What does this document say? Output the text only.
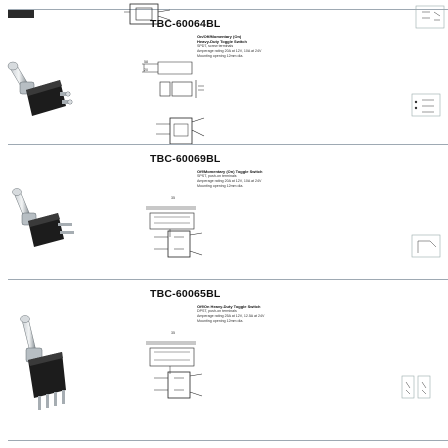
TBC-60064BL
On/Off/Momentary (On)
Heavy-Duty Toggle Switch
SPDT, screw terminals
Amperage rating 20A at 12V, 10A at 24V
Mounting opening 12mm dia.
58
20
TBC-60069BL
Off/Momentary (On) Toggle Switch
SPST, push-on terminals
Amperage rating 20A at 12V, 10A at 24V
Mounting opening 12mm dia.
35
TBC-60065BL
Off/On Heavy-Duty Toggle Switch
DPST, push-on terminals
Amperage rating 25A at 12V, 12.5A at 24V
Mounting opening 12mm dia.
35
